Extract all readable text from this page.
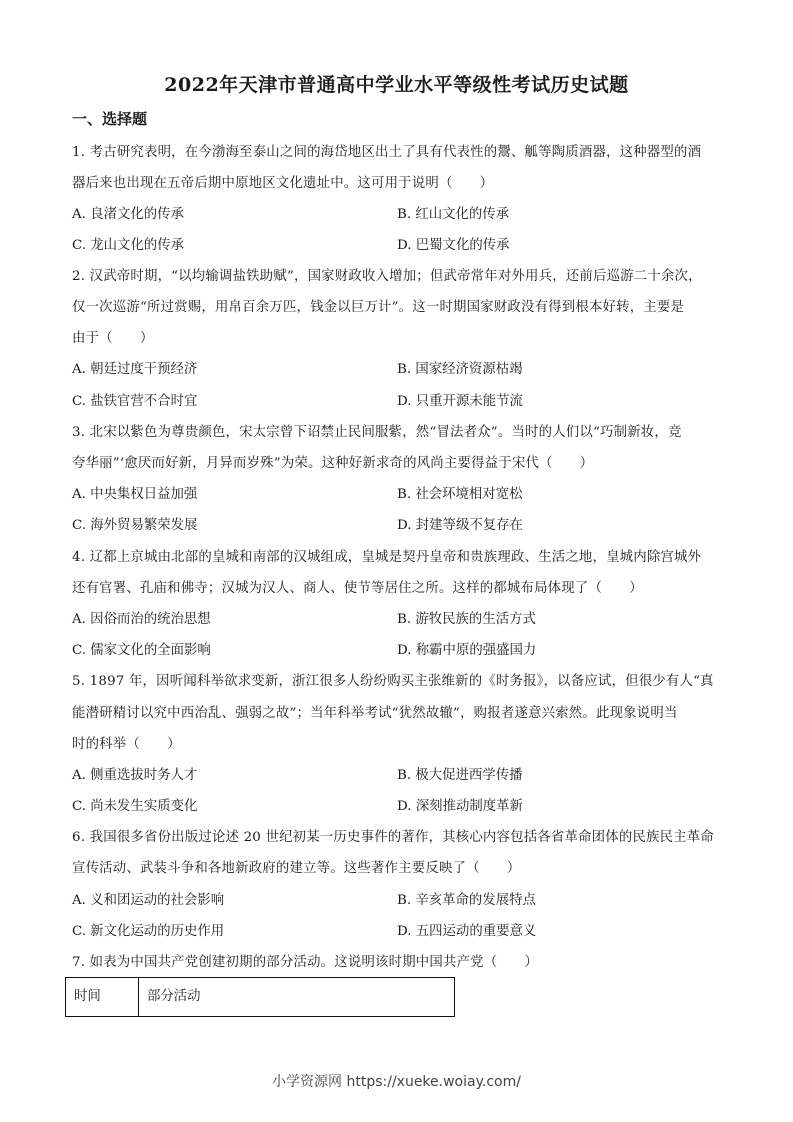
2022年天津市普通高中学业水平等级性考试历史试题
一、选择题
1. 考古研究表明，在今渤海至泰山之间的海岱地区出土了具有代表性的鬶、觚等陶质酒器，这种器型的酒
器后来也出现在五帝后期中原地区文化遗址中。这可用于说明（　　）
A. 良渚文化的传承	B. 红山文化的传承
C. 龙山文化的传承	D. 巴蜀文化的传承
2. 汉武帝时期，“以均输调盐铁助赋”，国家财政收入增加；但武帝常年对外用兵，还前后巡游二十余次，
仅一次巡游“所过赏赐，用帛百余万匹，钱金以巨万计”。这一时期国家财政没有得到根本好转，主要是
由于（　　）
A. 朝廷过度干预经济	B. 国家经济资源枯竭
C. 盐铁官营不合时宜	D. 只重开源未能节流
3. 北宋以紫色为尊贵颜色，宋太宗曾下诏禁止民间服紫，然“冒法者众”。当时的人们以“巧制新妆，竞
夸华丽”‘愈厌而好新，月异而岁殊”为荣。这种好新求奇的风尚主要得益于宋代（　　）
A. 中央集权日益加强	B. 社会环境相对宽松
C. 海外贸易繁荣发展	D. 封建等级不复存在
4. 辽都上京城由北部的皇城和南部的汉城组成，皇城是契丹皇帝和贵族理政、生活之地，皇城内除宫城外
还有官署、孔庙和佛寺；汉城为汉人、商人、使节等居住之所。这样的都城布局体现了（　　）
A. 因俗而治的统治思想	B. 游牧民族的生活方式
C. 儒家文化的全面影响	D. 称霸中原的强盛国力
5. 1897 年，因听闻科举欲求变新，浙江很多人纷纷购买主张维新的《时务报》，以备应试，但很少有人“真
能潜研精讨以究中西治乱、强弱之故”；当年科举考试“犹然故辙”，购报者遂意兴索然。此现象说明当
时的科举（　　）
A. 侧重选拔时务人才	B. 极大促进西学传播
C. 尚未发生实质变化	D. 深刻推动制度革新
6. 我国很多省份出版过论述 20 世纪初某一历史事件的著作，其核心内容包括各省革命团体的民族民主革命
宣传活动、武装斗争和各地新政府的建立等。这些著作主要反映了（　　）
A. 义和团运动的社会影响	B. 辛亥革命的发展特点
C. 新文化运动的历史作用	D. 五四运动的重要意义
7. 如表为中国共产党创建初期的部分活动。这说明该时期中国共产党（　　）
时间	部分活动
小学资源网 https://xueke.woiay.com/
